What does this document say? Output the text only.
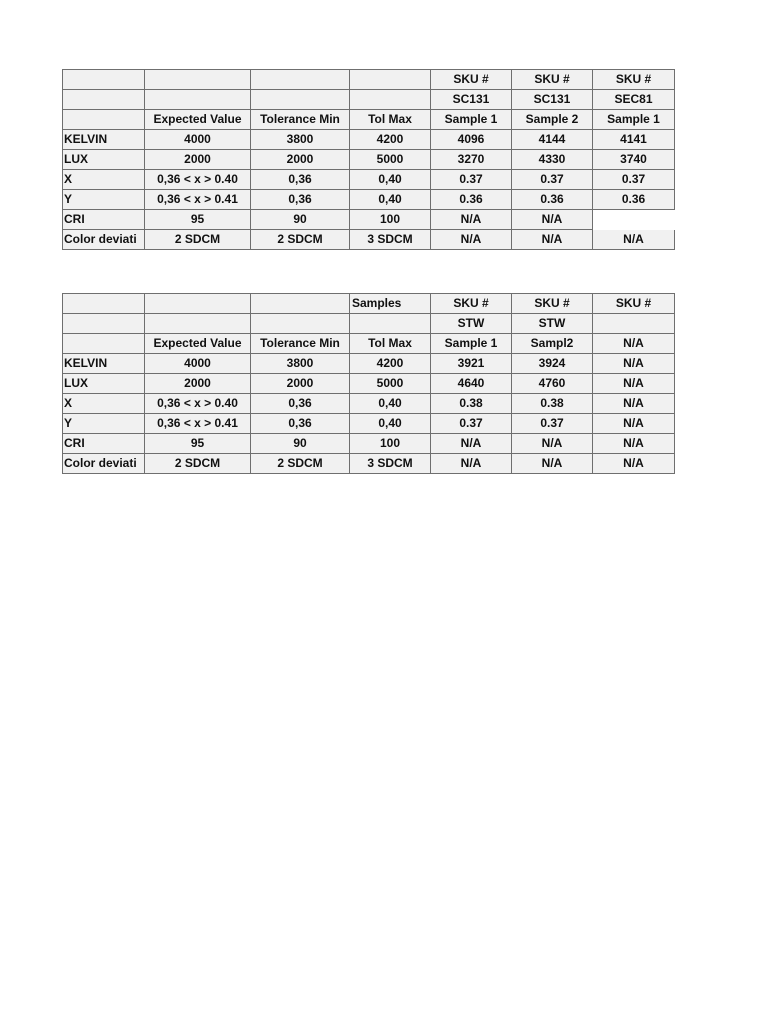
				SKU #	SKU #	SKU #
				SC131	SC131	SEC81
	Expected Value	Tolerance Min	Tol Max	Sample 1	Sample 2	Sample 1
KELVIN	4000	3800	4200	4096	4144	4141
LUX	2000	2000	5000	3270	4330	3740
X	0,36 < x > 0.40	0,36	0,40	0.37	0.37	0.37
Y	0,36 < x > 0.41	0,36	0,40	0.36	0.36	0.36
CRI	95	90	100	N/A	N/A	
Color deviati	2 SDCM	2 SDCM	3 SDCM	N/A	N/A	N/A
			Samples	SKU #	SKU #	SKU #
				STW	STW	
	Expected Value	Tolerance Min	Tol Max	Sample 1	Sampl2	N/A
KELVIN	4000	3800	4200	3921	3924	N/A
LUX	2000	2000	5000	4640	4760	N/A
X	0,36 < x > 0.40	0,36	0,40	0.38	0.38	N/A
Y	0,36 < x > 0.41	0,36	0,40	0.37	0.37	N/A
CRI	95	90	100	N/A	N/A	N/A
Color deviati	2 SDCM	2 SDCM	3 SDCM	N/A	N/A	N/A
